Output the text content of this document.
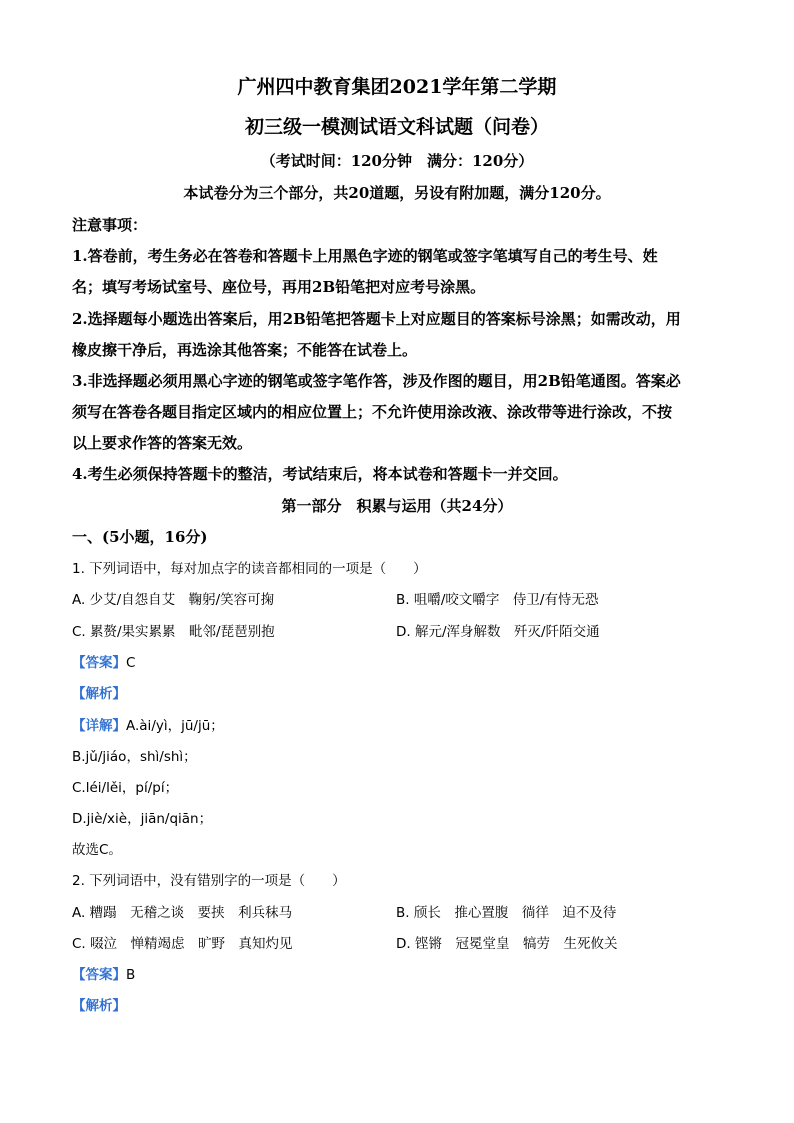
广州四中教育集团2021学年第二学期
初三级一模测试语文科试题（问卷）
（考试时间：120分钟　满分：120分）
本试卷分为三个部分，共20道题，另设有附加题，满分120分。
注意事项：
1.答卷前，考生务必在答卷和答题卡上用黑色字迹的钢笔或签字笔填写自己的考生号、姓
名；填写考场试室号、座位号，再用2B铅笔把对应考号涂黑。
2.选择题每小题选出答案后，用2B铅笔把答题卡上对应题目的答案标号涂黑；如需改动，用
橡皮擦干净后，再选涂其他答案；不能答在试卷上。
3.非选择题必须用黑心字迹的钢笔或签字笔作答，涉及作图的题目，用2B铅笔通图。答案必
须写在答卷各题目指定区域内的相应位置上；不允许使用涂改液、涂改带等进行涂改，不按
以上要求作答的答案无效。
4.考生必须保持答题卡的整洁，考试结束后，将本试卷和答题卡一并交回。
第一部分　积累与运用（共24分）
一、(5小题，16分)
1. 下列词语中，每对加点字的读音都相同的一项是（　　）
A. 少艾/自怨自艾　鞠躬/笑容可掬	B. 咀嚼/咬文嚼字　侍卫/有恃无恐
C. 累赘/果实累累　毗邻/琵琶别抱	D. 解元/浑身解数　歼灭/阡陌交通
【答案】C
【解析】
【详解】A.ài/yì，jū/jū；
B.jǔ/jiáo，shì/shì；
C.léi/lěi，pí/pí；
D.jiè/xiè，jiān/qiān；
故选C。
2. 下列词语中，没有错别字的一项是（　　）
A. 糟蹋　无稽之谈　要挟　利兵秣马	B. 颀长　推心置腹　徜徉　迫不及待
C. 啜泣　惮精竭虑　旷野　真知灼见	D. 铿锵　冠冕堂皇　犒劳　生死攸关
【答案】B
【解析】
